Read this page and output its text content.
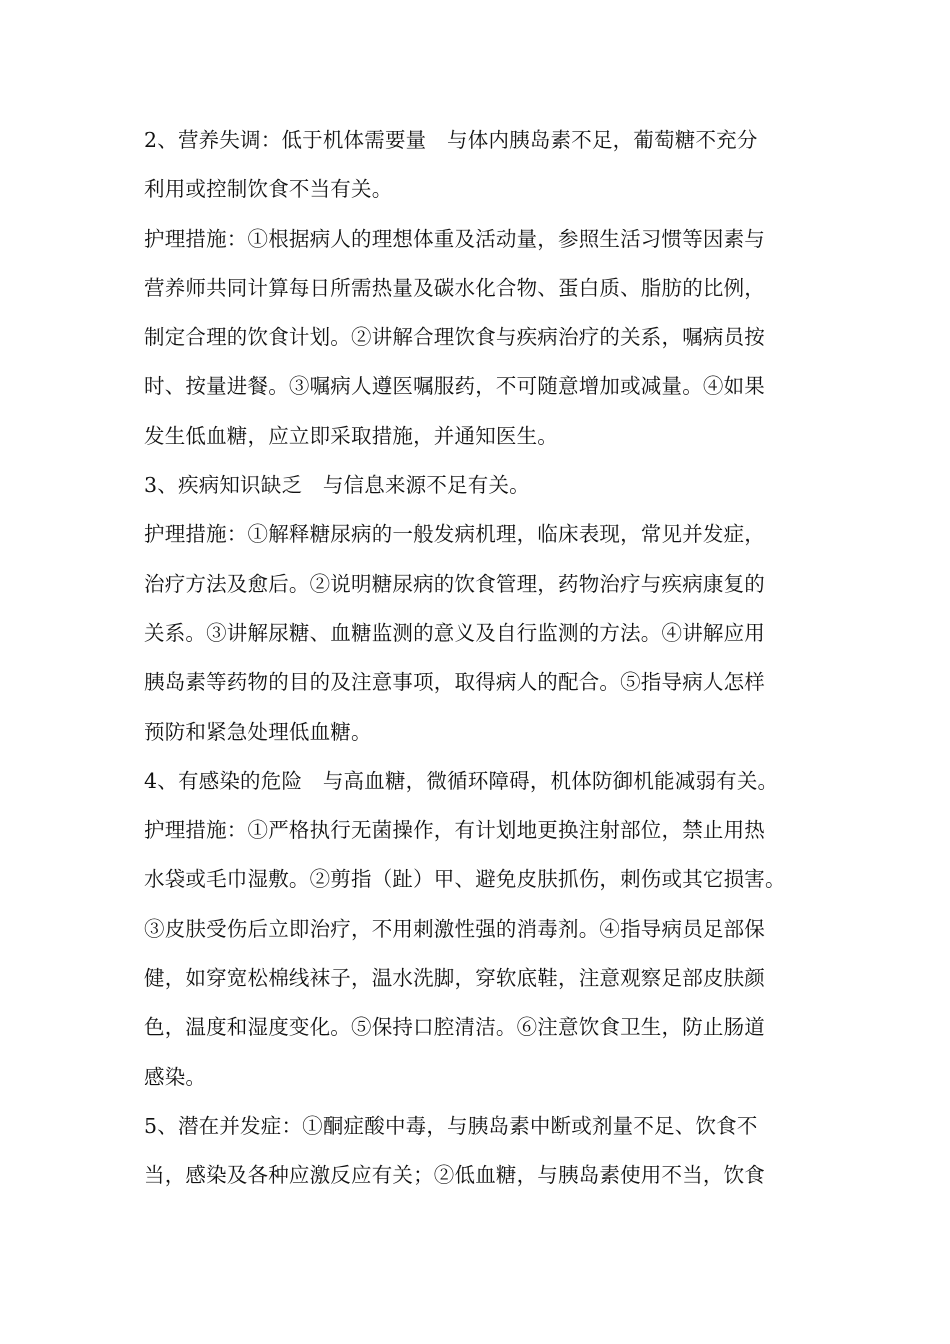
2、营养失调：低于机体需要量　与体内胰岛素不足，葡萄糖不充分
利用或控制饮食不当有关。
护理措施：①根据病人的理想体重及活动量，参照生活习惯等因素与
营养师共同计算每日所需热量及碳水化合物、蛋白质、脂肪的比例，
制定合理的饮食计划。②讲解合理饮食与疾病治疗的关系，嘱病员按
时、按量进餐。③嘱病人遵医嘱服药，不可随意增加或减量。④如果
发生低血糖，应立即采取措施，并通知医生。
3、疾病知识缺乏　与信息来源不足有关。
护理措施：①解释糖尿病的一般发病机理，临床表现，常见并发症，
治疗方法及愈后。②说明糖尿病的饮食管理，药物治疗与疾病康复的
关系。③讲解尿糖、血糖监测的意义及自行监测的方法。④讲解应用
胰岛素等药物的目的及注意事项，取得病人的配合。⑤指导病人怎样
预防和紧急处理低血糖。
4、有感染的危险　与高血糖，微循环障碍，机体防御机能减弱有关。
护理措施：①严格执行无菌操作，有计划地更换注射部位，禁止用热
水袋或毛巾湿敷。②剪指（趾）甲、避免皮肤抓伤，刺伤或其它损害。
③皮肤受伤后立即治疗，不用刺激性强的消毒剂。④指导病员足部保
健，如穿宽松棉线袜子，温水洗脚，穿软底鞋，注意观察足部皮肤颜
色，温度和湿度变化。⑤保持口腔清洁。⑥注意饮食卫生，防止肠道
感染。
5、潜在并发症：①酮症酸中毒，与胰岛素中断或剂量不足、饮食不
当，感染及各种应激反应有关；②低血糖，与胰岛素使用不当，饮食
